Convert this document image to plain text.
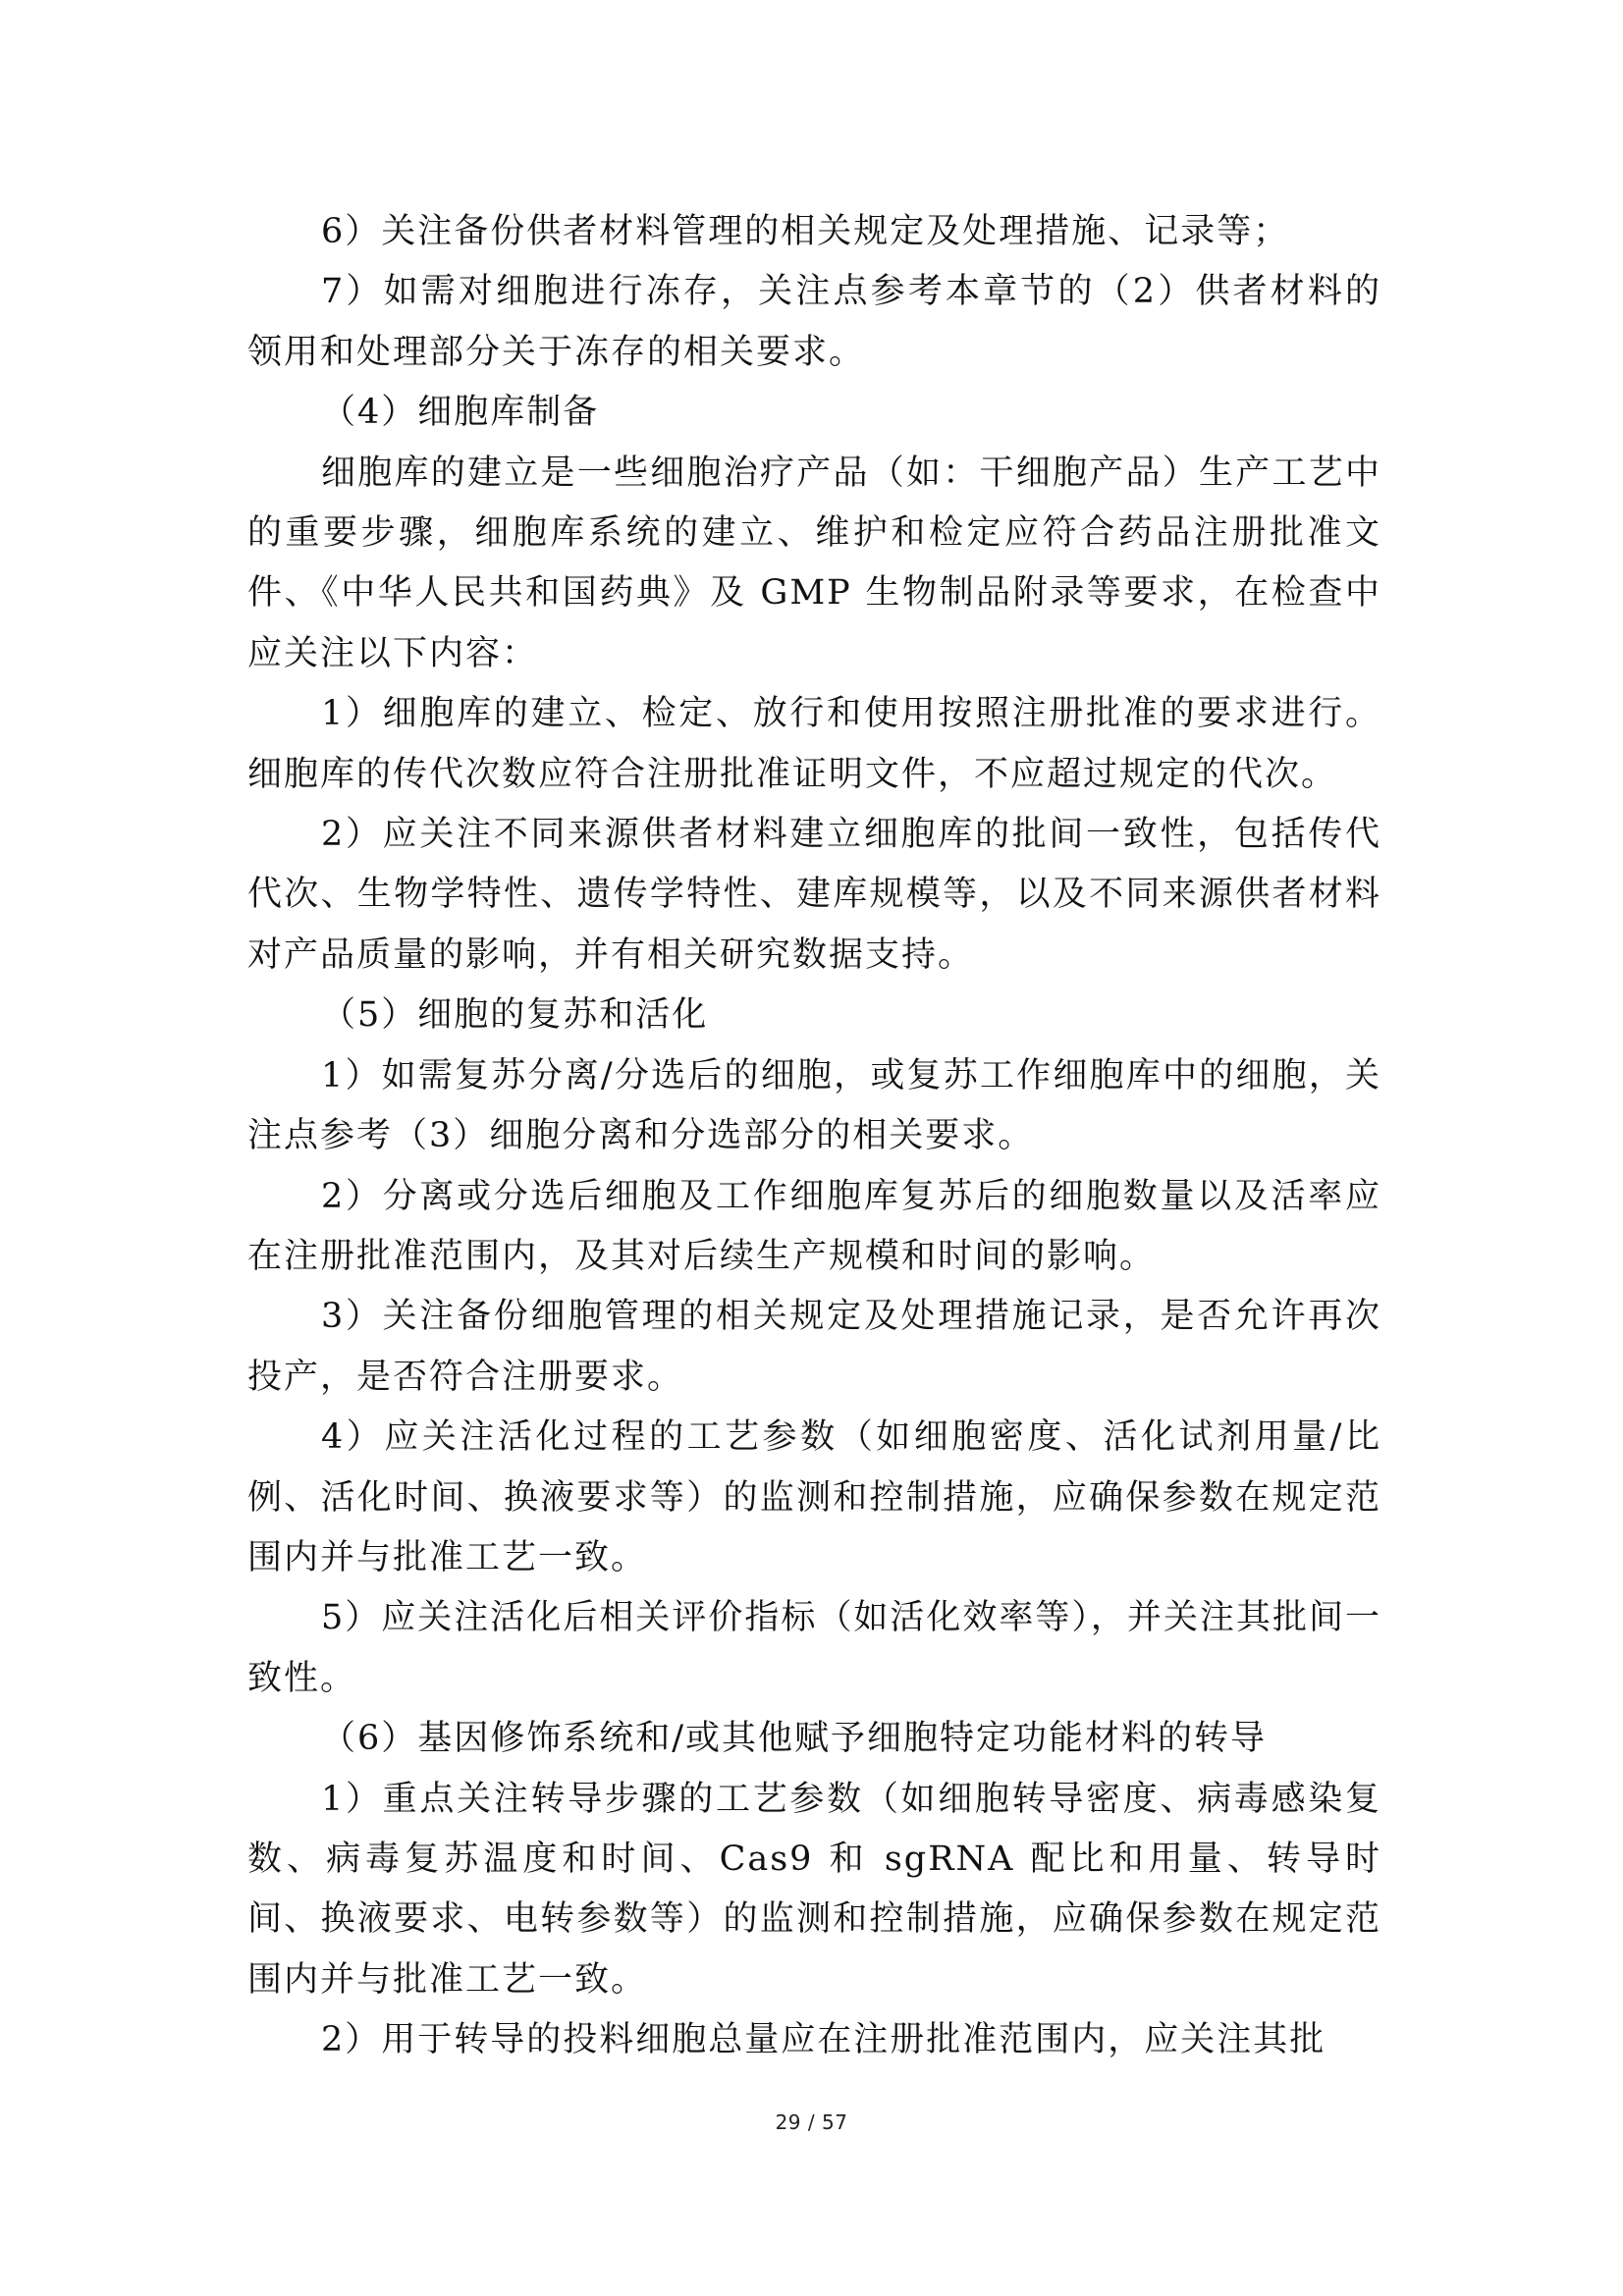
6）关注备份供者材料管理的相关规定及处理措施、记录等；

7）如需对细胞进行冻存，关注点参考本章节的（2）供者材料的领用和处理部分关于冻存的相关要求。

（4）细胞库制备

细胞库的建立是一些细胞治疗产品（如：干细胞产品）生产工艺中的重要步骤，细胞库系统的建立、维护和检定应符合药品注册批准文件、《中华人民共和国药典》及 GMP 生物制品附录等要求，在检查中应关注以下内容：

1）细胞库的建立、检定、放行和使用按照注册批准的要求进行。细胞库的传代次数应符合注册批准证明文件，不应超过规定的代次。

2）应关注不同来源供者材料建立细胞库的批间一致性，包括传代代次、生物学特性、遗传学特性、建库规模等，以及不同来源供者材料对产品质量的影响，并有相关研究数据支持。

（5）细胞的复苏和活化

1）如需复苏分离/分选后的细胞，或复苏工作细胞库中的细胞，关注点参考（3）细胞分离和分选部分的相关要求。

2）分离或分选后细胞及工作细胞库复苏后的细胞数量以及活率应在注册批准范围内，及其对后续生产规模和时间的影响。

3）关注备份细胞管理的相关规定及处理措施记录，是否允许再次投产，是否符合注册要求。

4）应关注活化过程的工艺参数（如细胞密度、活化试剂用量/比例、活化时间、换液要求等）的监测和控制措施，应确保参数在规定范围内并与批准工艺一致。

5）应关注活化后相关评价指标（如活化效率等），并关注其批间一致性。

（6）基因修饰系统和/或其他赋予细胞特定功能材料的转导

1）重点关注转导步骤的工艺参数（如细胞转导密度、病毒感染复数、病毒复苏温度和时间、Cas9 和 sgRNA 配比和用量、转导时间、换液要求、电转参数等）的监测和控制措施，应确保参数在规定范围内并与批准工艺一致。

2）用于转导的投料细胞总量应在注册批准范围内，应关注其批

29 / 57
